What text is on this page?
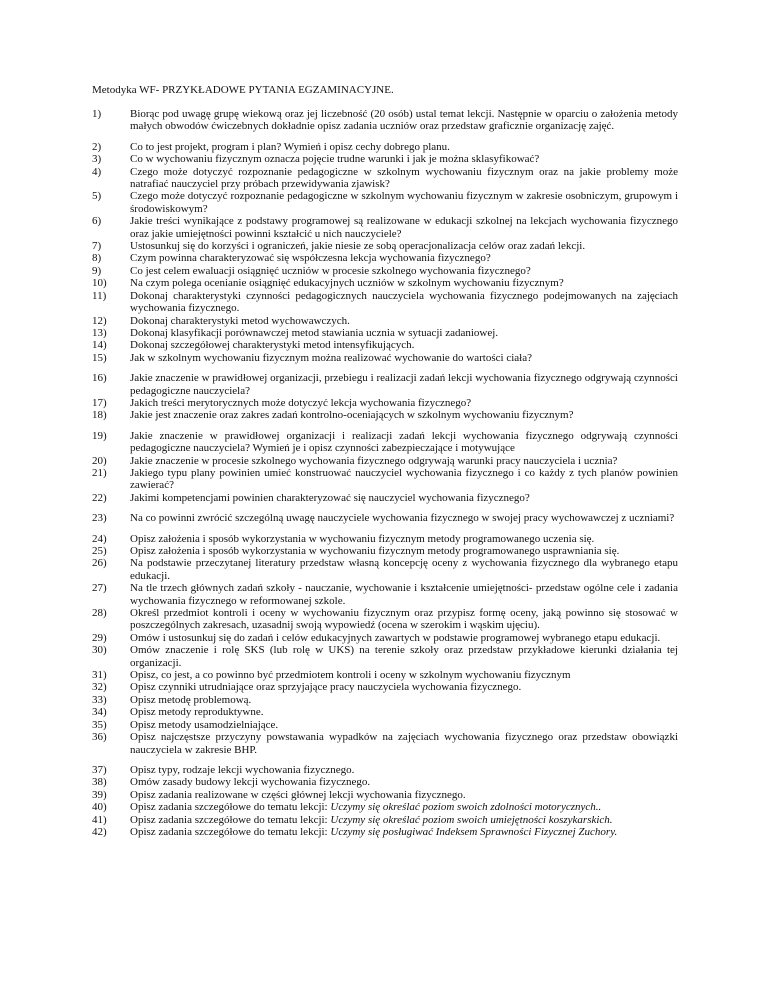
Metodyka WF- PRZYKŁADOWE PYTANIA EGZAMINACYJNE.
1)	Biorąc pod uwagę grupę wiekową oraz jej liczebność (20 osób) ustal temat lekcji. Następnie w oparciu o założenia metody małych obwodów ćwiczebnych dokładnie opisz zadania uczniów oraz przedstaw graficznie organizację zajęć.
2)	Co to jest projekt, program i plan? Wymień i opisz cechy dobrego planu.
3)	Co w wychowaniu fizycznym oznacza pojęcie trudne warunki i jak je można sklasyfikować?
4)	Czego może dotyczyć rozpoznanie pedagogiczne w szkolnym wychowaniu fizycznym oraz na jakie problemy może natrafiać nauczyciel przy próbach przewidywania zjawisk?
5)	Czego może dotyczyć rozpoznanie pedagogiczne w szkolnym wychowaniu fizycznym w zakresie osobniczym, grupowym i środowiskowym?
6)	Jakie treści wynikające z podstawy programowej są realizowane w edukacji szkolnej na lekcjach wychowania fizycznego oraz jakie umiejętności powinni kształcić u nich nauczyciele?
7)	Ustosunkuj się do korzyści i ograniczeń, jakie niesie ze sobą operacjonalizacja celów oraz zadań lekcji.
8)	Czym powinna charakteryzować się współczesna lekcja wychowania fizycznego?
9)	Co jest celem ewaluacji osiągnięć uczniów w procesie szkolnego wychowania fizycznego?
10)	Na czym polega ocenianie osiągnięć edukacyjnych uczniów w szkolnym wychowaniu fizycznym?
11)	Dokonaj charakterystyki czynności pedagogicznych nauczyciela wychowania fizycznego podejmowanych na zajęciach wychowania fizycznego.
12)	Dokonaj charakterystyki metod wychowawczych.
13)	Dokonaj klasyfikacji porównawczej metod stawiania ucznia w sytuacji zadaniowej.
14)	Dokonaj szczegółowej charakterystyki metod intensyfikujących.
15)	Jak w szkolnym wychowaniu fizycznym można realizować wychowanie do wartości ciała?
16)	Jakie znaczenie w prawidłowej organizacji, przebiegu i realizacji zadań lekcji wychowania fizycznego odgrywają czynności pedagogiczne nauczyciela?
17)	Jakich treści merytorycznych może dotyczyć lekcja wychowania fizycznego?
18)	Jakie jest znaczenie oraz zakres zadań kontrolno-oceniających w szkolnym wychowaniu fizycznym?
19)	Jakie znaczenie w prawidłowej organizacji i realizacji zadań lekcji wychowania fizycznego odgrywają czynności pedagogiczne nauczyciela? Wymień je i opisz czynności zabezpieczające i motywujące
20)	Jakie znaczenie w procesie szkolnego wychowania fizycznego odgrywają warunki pracy nauczyciela i ucznia?
21)	Jakiego typu plany powinien umieć konstruować nauczyciel wychowania fizycznego i co każdy z tych planów powinien zawierać?
22)	Jakimi kompetencjami powinien charakteryzować się nauczyciel wychowania fizycznego?
23)	Na co powinni zwrócić szczególną uwagę nauczyciele wychowania fizycznego w swojej pracy wychowawczej z uczniami?
24)	Opisz założenia i sposób wykorzystania w wychowaniu fizycznym metody programowanego uczenia się.
25)	Opisz założenia i sposób wykorzystania w wychowaniu fizycznym metody programowanego usprawniania się.
26)	Na podstawie przeczytanej literatury przedstaw własną koncepcję oceny z wychowania fizycznego dla wybranego etapu edukacji.
27)	Na tle trzech głównych zadań szkoły - nauczanie, wychowanie i kształcenie umiejętności- przedstaw ogólne cele i zadania wychowania fizycznego w reformowanej szkole.
28)	Określ przedmiot kontroli i oceny w wychowaniu fizycznym oraz przypisz formę oceny, jaką powinno się stosować w poszczególnych zakresach, uzasadnij swoją wypowiedź (ocena w szerokim i wąskim ujęciu).
29)	Omów i ustosunkuj się do zadań i celów edukacyjnych zawartych w podstawie programowej wybranego etapu edukacji.
30)	Omów znaczenie i rolę SKS (lub rolę w UKS) na terenie szkoły oraz przedstaw przykładowe kierunki działania tej organizacji.
31)	Opisz, co jest, a co powinno być przedmiotem kontroli i oceny w szkolnym wychowaniu fizycznym
32)	Opisz czynniki utrudniające oraz sprzyjające pracy nauczyciela wychowania fizycznego.
33)	Opisz metodę problemową.
34)	Opisz metody reproduktywne.
35)	Opisz metody usamodzielniające.
36)	Opisz najczęstsze przyczyny powstawania wypadków na zajęciach wychowania fizycznego oraz przedstaw obowiązki nauczyciela w zakresie BHP.
37)	Opisz typy, rodzaje lekcji wychowania fizycznego.
38)	Omów zasady budowy lekcji wychowania fizycznego.
39)	Opisz zadania realizowane w części głównej lekcji wychowania fizycznego.
40)	Opisz zadania szczegółowe do tematu lekcji: Uczymy się określać poziom swoich zdolności motorycznych..
41)	Opisz zadania szczegółowe do tematu lekcji: Uczymy się określać poziom swoich umiejętności koszykarskich.
42)	Opisz zadania szczegółowe do tematu lekcji: Uczymy się posługiwać Indeksem Sprawności Fizycznej Zuchory.
